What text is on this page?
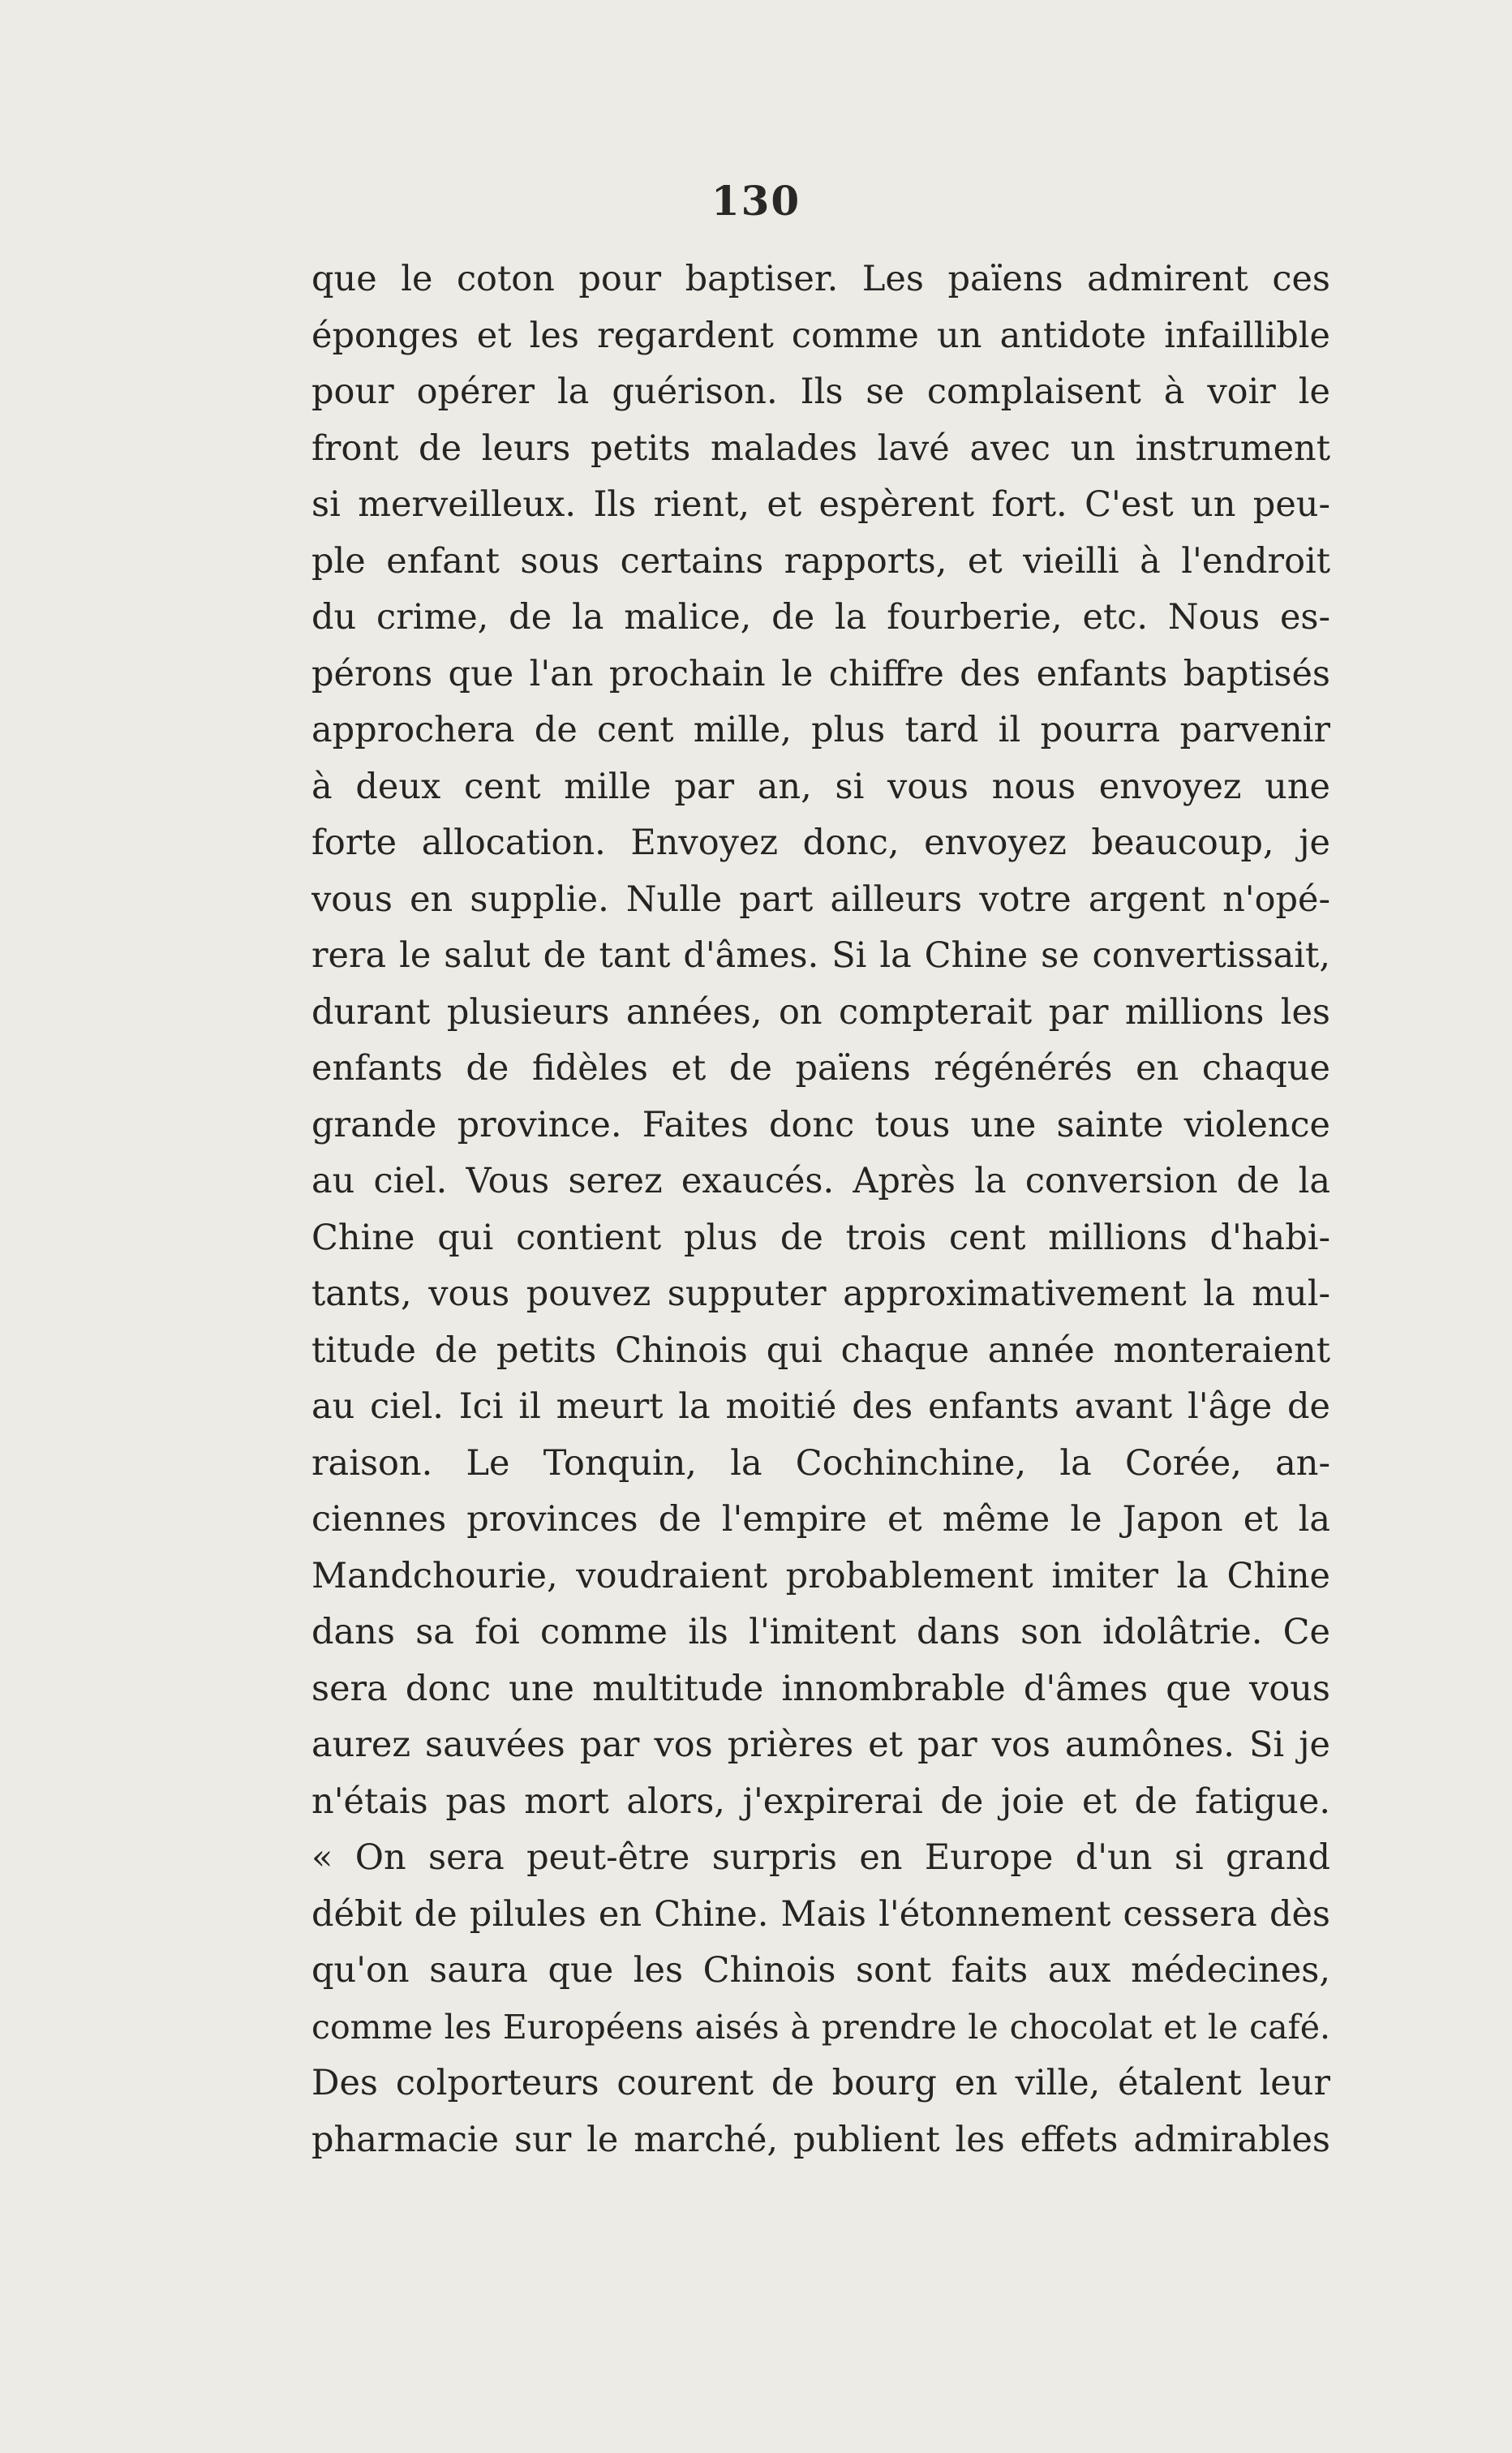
130
que le coton pour baptiser. Les païens admirent ces
éponges et les regardent comme un antidote infaillible
pour opérer la guérison. Ils se complaisent à voir le
front de leurs petits malades lavé avec un instrument
si merveilleux. Ils rient, et espèrent fort. C'est un peu-
ple enfant sous certains rapports, et vieilli à l'endroit
du crime, de la malice, de la fourberie, etc. Nous es-
pérons que l'an prochain le chiffre des enfants baptisés
approchera de cent mille, plus tard il pourra parvenir
à deux cent mille par an, si vous nous envoyez une
forte allocation. Envoyez donc, envoyez beaucoup, je
vous en supplie. Nulle part ailleurs votre argent n'opé-
rera le salut de tant d'âmes. Si la Chine se convertissait,
durant plusieurs années, on compterait par millions les
enfants de fidèles et de païens régénérés en chaque
grande province. Faites donc tous une sainte violence
au ciel. Vous serez exaucés. Après la conversion de la
Chine qui contient plus de trois cent millions d'habi-
tants, vous pouvez supputer approximativement la mul-
titude de petits Chinois qui chaque année monteraient
au ciel. Ici il meurt la moitié des enfants avant l'âge de
raison. Le Tonquin, la Cochinchine, la Corée, an-
ciennes provinces de l'empire et même le Japon et la
Mandchourie, voudraient probablement imiter la Chine
dans sa foi comme ils l'imitent dans son idolâtrie. Ce
sera donc une multitude innombrable d'âmes que vous
aurez sauvées par vos prières et par vos aumônes. Si je
n'étais pas mort alors, j'expirerai de joie et de fatigue.
« On sera peut-être surpris en Europe d'un si grand
débit de pilules en Chine. Mais l'étonnement cessera dès
qu'on saura que les Chinois sont faits aux médecines,
comme les Européens aisés à prendre le chocolat et le café.
Des colporteurs courent de bourg en ville, étalent leur
pharmacie sur le marché, publient les effets admirables
